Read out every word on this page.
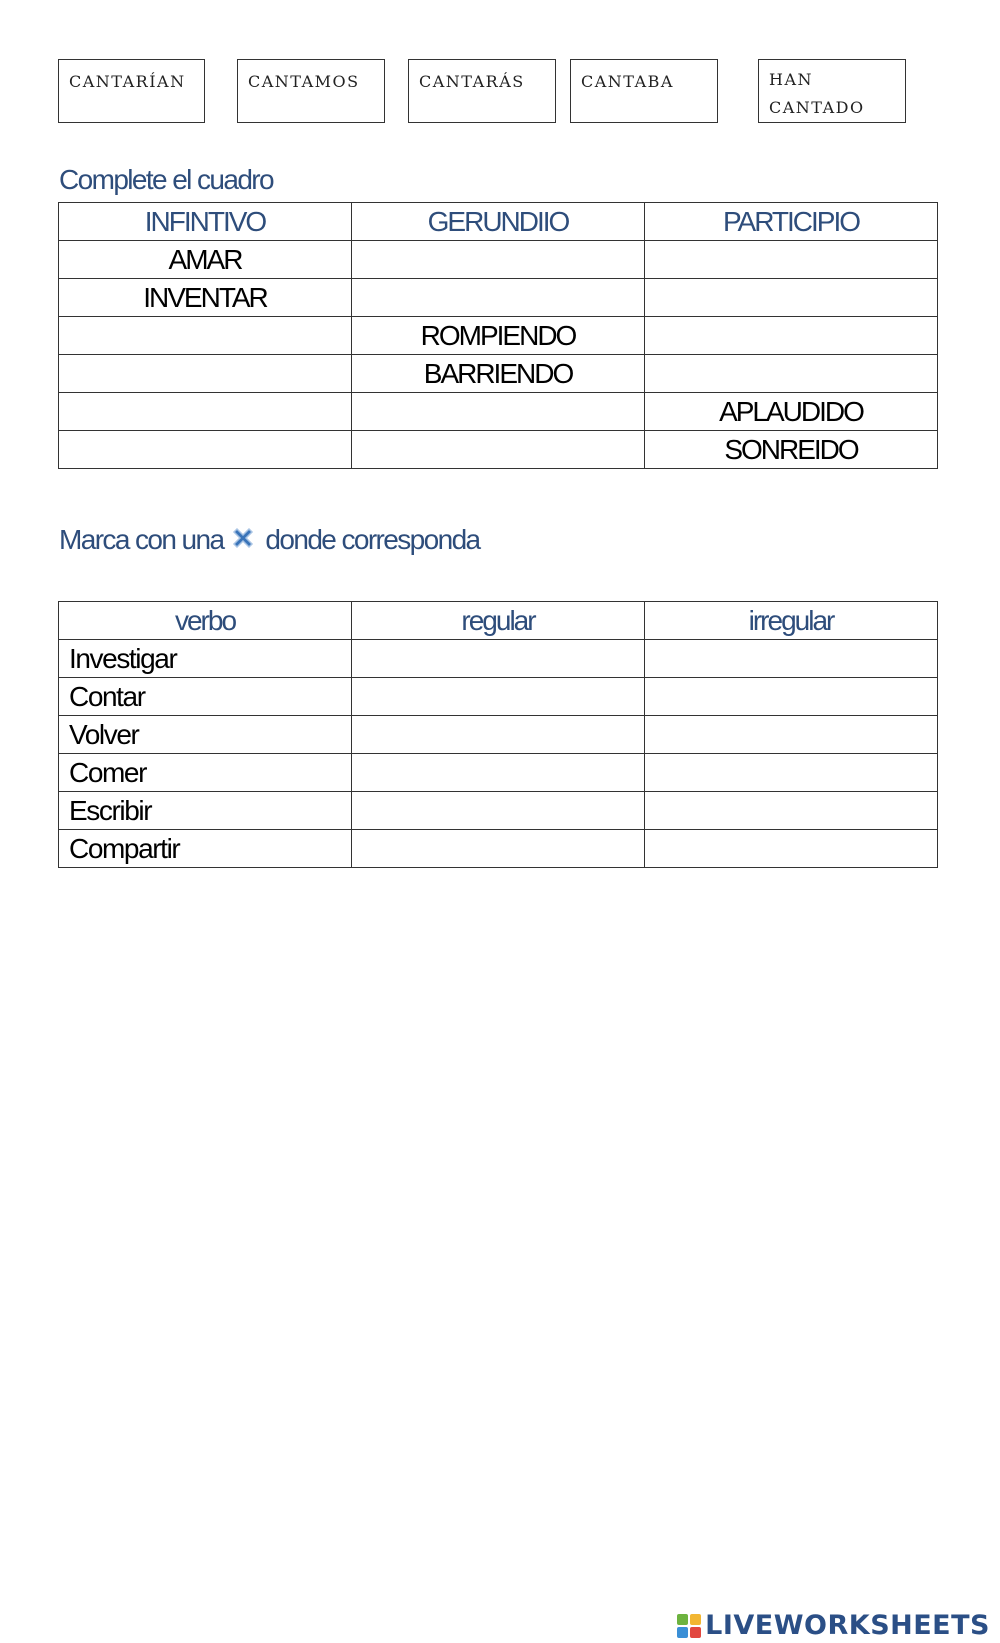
CANTARÍAN	CANTAMOS	CANTARÁS	CANTABA	HAN CANTADO
Complete el cuadro
INFINTIVO	GERUNDIIO	PARTICIPIO
AMAR		
INVENTAR		
	ROMPIENDO	
	BARRIENDO	
		APLAUDIDO
		SONREIDO
Marca con una donde corresponda
verbo	regular	irregular
Investigar		
Contar		
Volver		
Comer		
Escribir		
Compartir		
LIVEWORKSHEETS
